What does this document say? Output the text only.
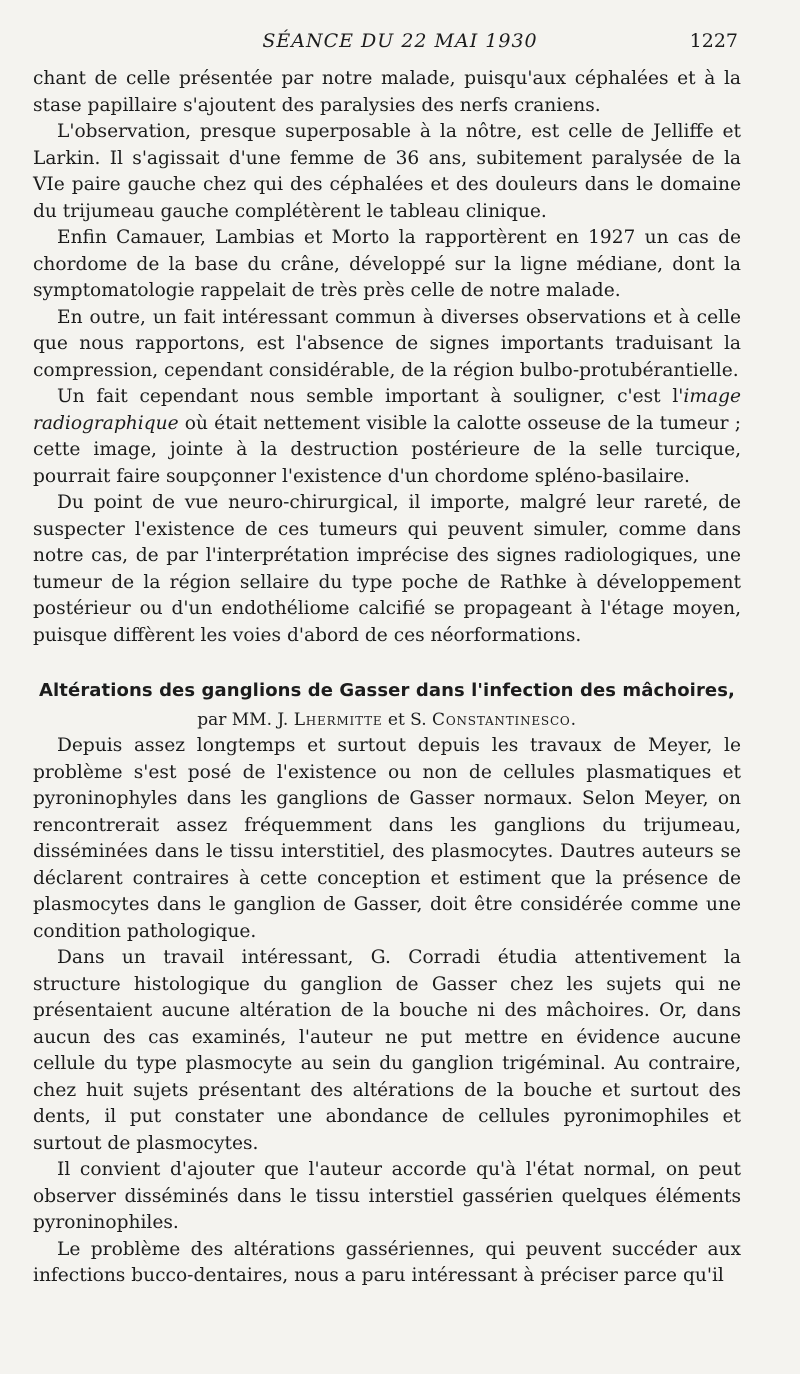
SÉANCE DU 22 MAI 1930	1227

chant de celle présentée par notre malade, puisqu'aux céphalées et à la stase papillaire s'ajoutent des paralysies des nerfs craniens.

L'observation, presque superposable à la nôtre, est celle de Jelliffe et Larkin. Il s'agissait d'une femme de 36 ans, subitement paralysée de la VIe paire gauche chez qui des céphalées et des douleurs dans le domaine du trijumeau gauche complétèrent le tableau clinique.

Enfin Camauer, Lambias et Morto la rapportèrent en 1927 un cas de chordome de la base du crâne, développé sur la ligne médiane, dont la symptomatologie rappelait de très près celle de notre malade.

En outre, un fait intéressant commun à diverses observations et à celle que nous rapportons, est l'absence de signes importants traduisant la compression, cependant considérable, de la région bulbo-protubérantielle.

Un fait cependant nous semble important à souligner, c'est l'image radiographique où était nettement visible la calotte osseuse de la tumeur ; cette image, jointe à la destruction postérieure de la selle turcique, pourrait faire soupçonner l'existence d'un chordome spléno-basilaire.

Du point de vue neuro-chirurgical, il importe, malgré leur rareté, de suspecter l'existence de ces tumeurs qui peuvent simuler, comme dans notre cas, de par l'interprétation imprécise des signes radiologiques, une tumeur de la région sellaire du type poche de Rathke à développement postérieur ou d'un endothéliome calcifié se propageant à l'étage moyen, puisque diffèrent les voies d'abord de ces néorformations.

Altérations des ganglions de Gasser dans l'infection des mâchoires,
par MM. J. Lhermitte et S. Constantinesco.

Depuis assez longtemps et surtout depuis les travaux de Meyer, le problème s'est posé de l'existence ou non de cellules plasmatiques et pyroninophyles dans les ganglions de Gasser normaux. Selon Meyer, on rencontrerait assez fréquemment dans les ganglions du trijumeau, disséminées dans le tissu interstitiel, des plasmocytes. Dautres auteurs se déclarent contraires à cette conception et estiment que la présence de plasmocytes dans le ganglion de Gasser, doit être considérée comme une condition pathologique.

Dans un travail intéressant, G. Corradi étudia attentivement la structure histologique du ganglion de Gasser chez les sujets qui ne présentaient aucune altération de la bouche ni des mâchoires. Or, dans aucun des cas examinés, l'auteur ne put mettre en évidence aucune cellule du type plasmocyte au sein du ganglion trigéminal. Au contraire, chez huit sujets présentant des altérations de la bouche et surtout des dents, il put constater une abondance de cellules pyronimophiles et surtout de plasmocytes.

Il convient d'ajouter que l'auteur accorde qu'à l'état normal, on peut observer disséminés dans le tissu interstiel gassérien quelques éléments pyroninophiles.

Le problème des altérations gassériennes, qui peuvent succéder aux infections bucco-dentaires, nous a paru intéressant à préciser parce qu'il
